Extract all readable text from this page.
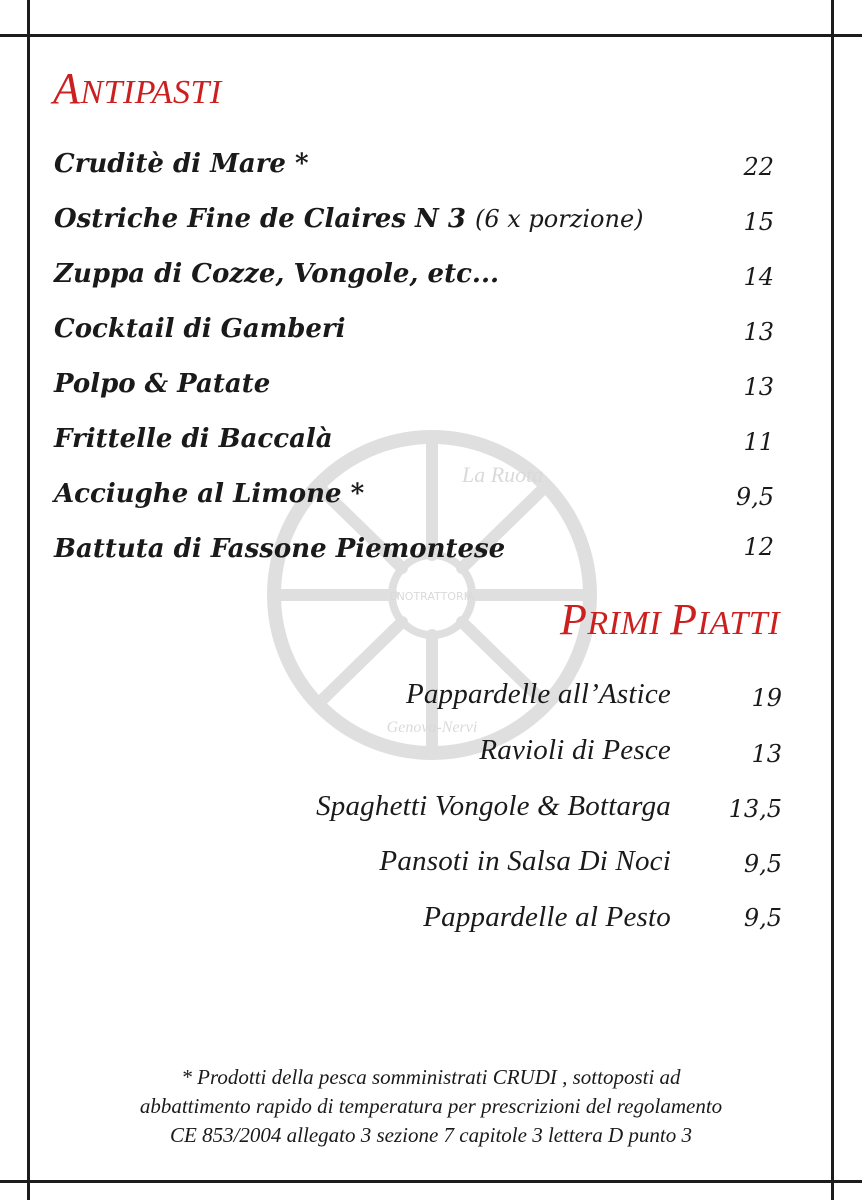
La Ruota
ENOTRATTORIA
Genova-Nervi
ANTIPASTI

Cruditè di Mare *	22

Ostriche Fine de Claires N 3 (6 x porzione)	15

Zuppa di Cozze, Vongole, etc...	14

Cocktail di Gamberi	13

Polpo & Patate	13

Frittelle di Baccalà	11

Acciughe al Limone *	9,5

Battuta di Fassone Piemontese	12

PRIMI PIATTI

Pappardelle all’Astice	19

Ravioli di Pesce	13

Spaghetti Vongole & Bottarga 13,5

Pansoti in Salsa Di Noci	9,5

Pappardelle al Pesto	9,5

* Prodotti della pesca somministrati CRUDI , sottoposti ad
abbattimento rapido di temperatura per prescrizioni del regolamento
CE 853/2004 allegato 3 sezione 7 capitole 3 lettera D punto 3
